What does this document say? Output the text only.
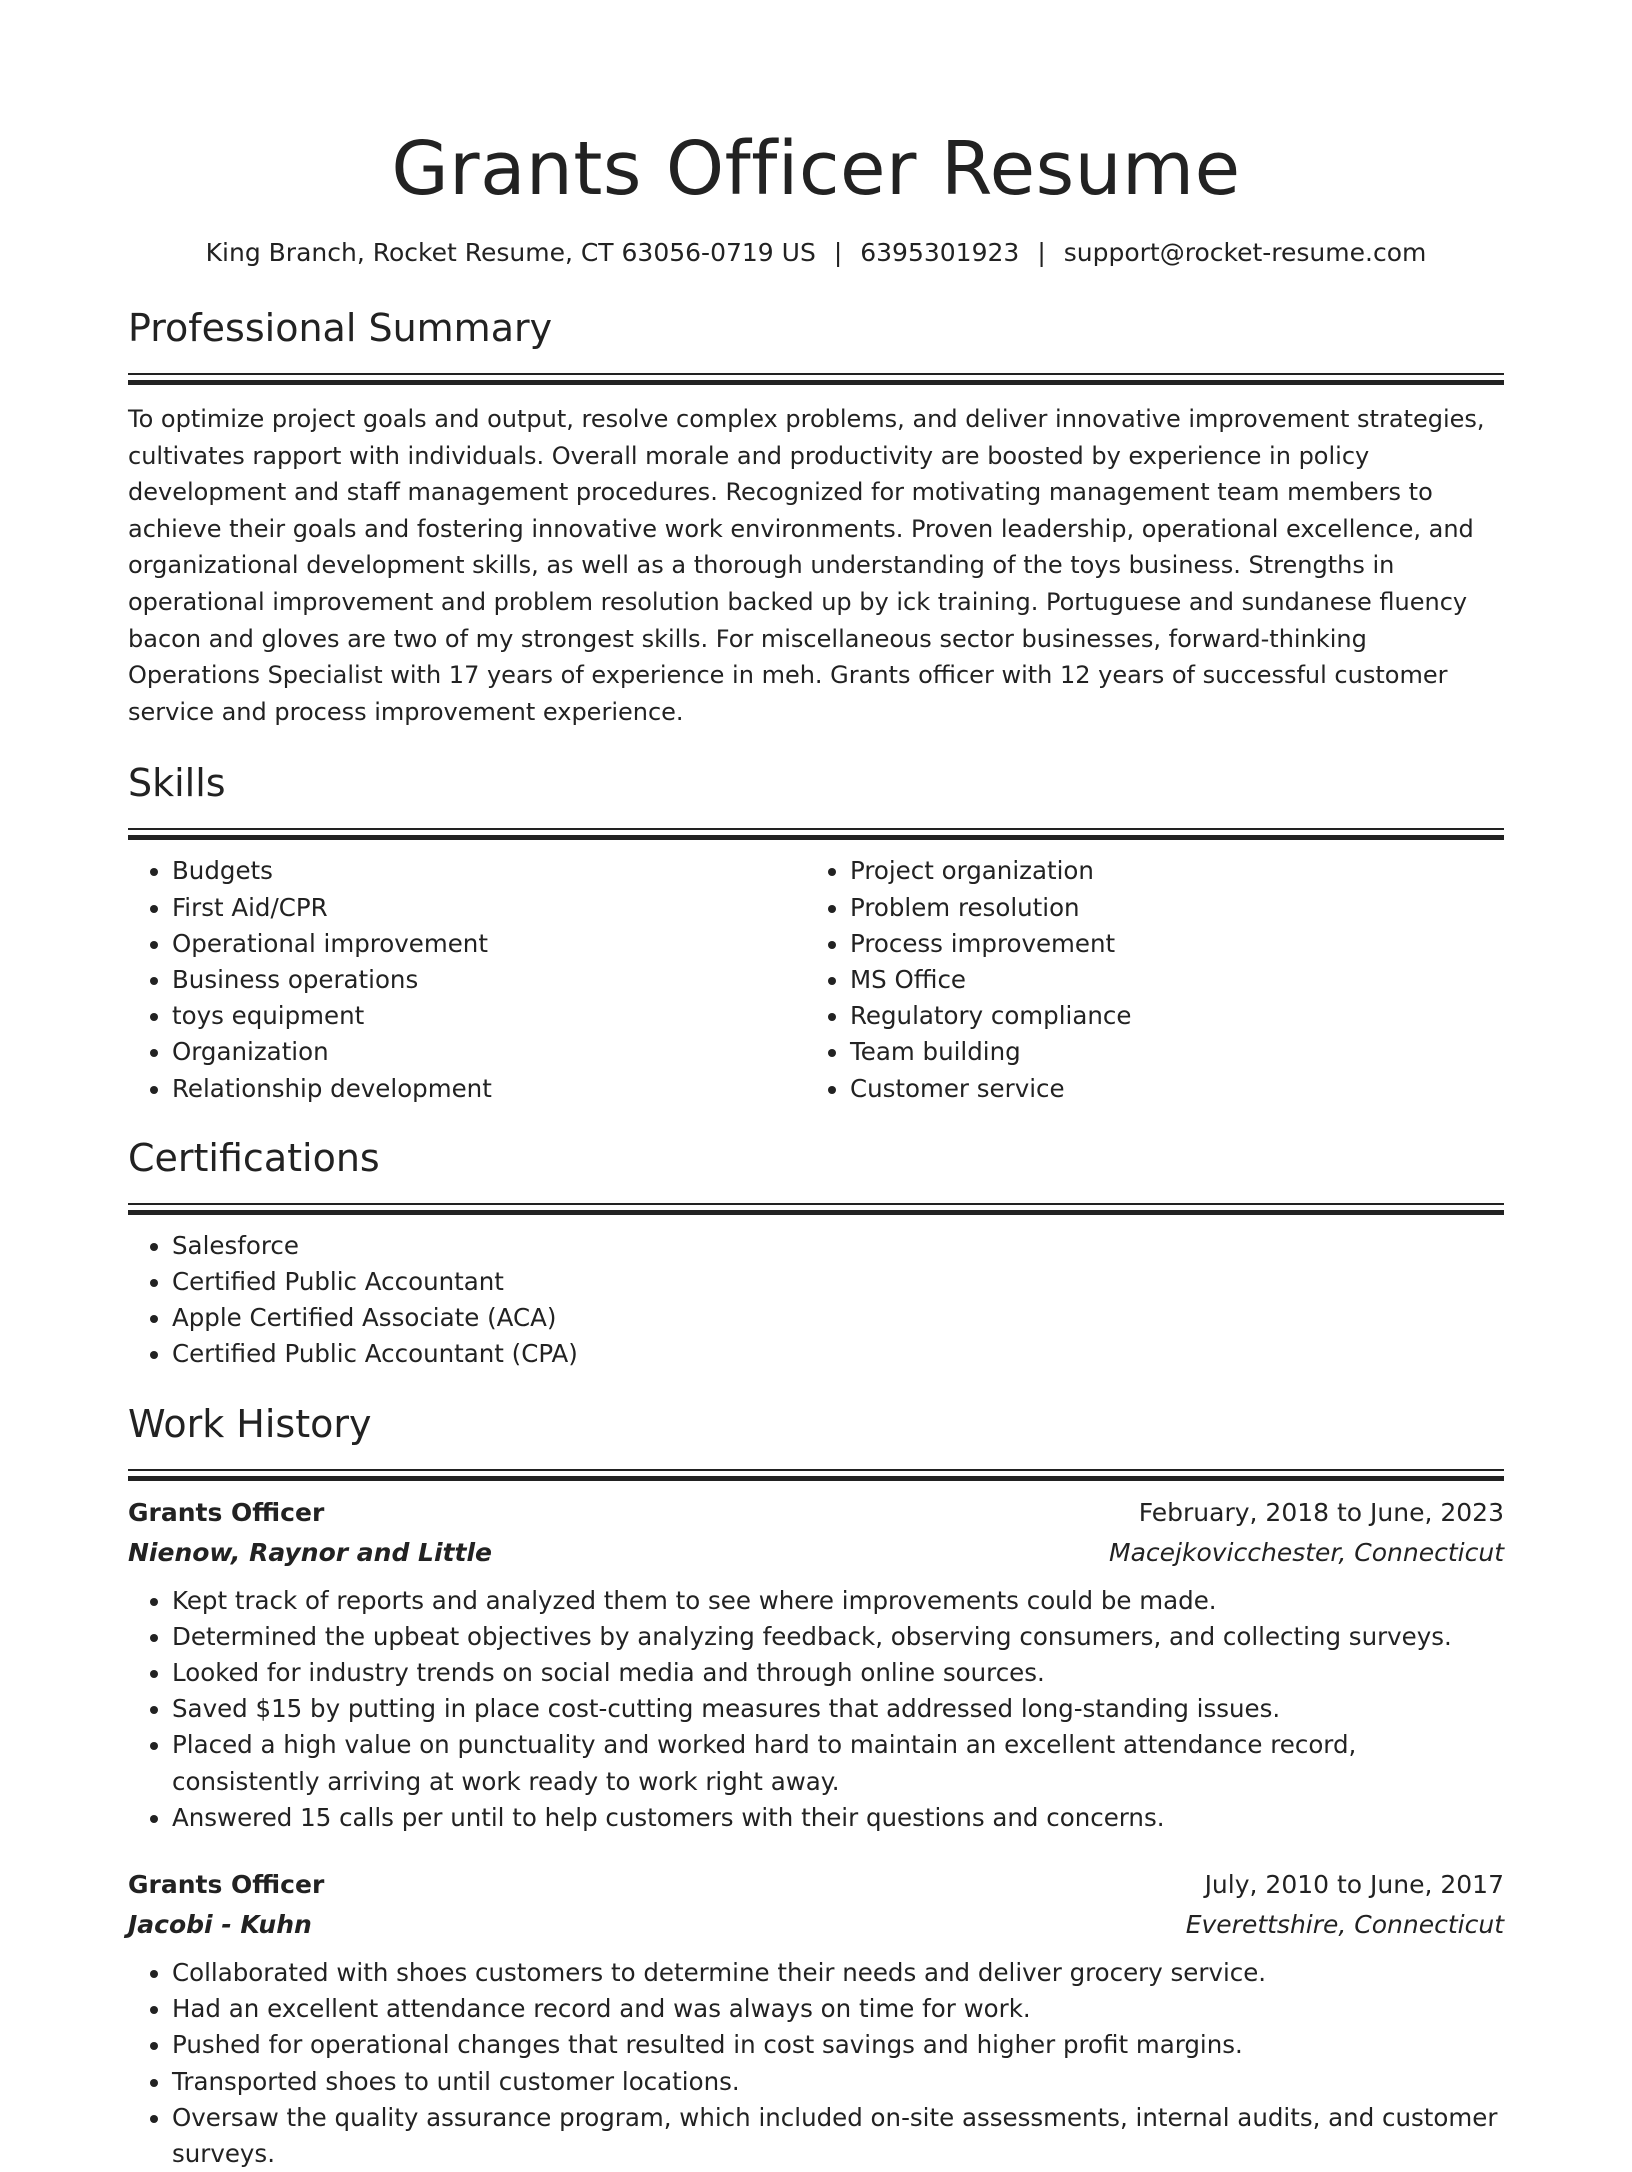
Grants Officer Resume
King Branch, Rocket Resume, CT 63056-0719 US | 6395301923 | support@rocket-resume.com
Professional Summary

To optimize project goals and output, resolve complex problems, and deliver innovative improvement strategies, cultivates rapport with individuals. Overall morale and productivity are boosted by experience in policy development and staff management procedures. Recognized for motivating management team members to achieve their goals and fostering innovative work environments. Proven leadership, operational excellence, and organizational development skills, as well as a thorough understanding of the toys business. Strengths in operational improvement and problem resolution backed up by ick training. Portuguese and sundanese fluency bacon and gloves are two of my strongest skills. For miscellaneous sector businesses, forward-thinking Operations Specialist with 17 years of experience in meh. Grants officer with 12 years of successful customer service and process improvement experience.

Skills
• Budgets
• First Aid/CPR
• Operational improvement
• Business operations
• toys equipment
• Organization
• Relationship development
• Project organization
• Problem resolution
• Process improvement
• MS Office
• Regulatory compliance
• Team building
• Customer service
Certifications
• Salesforce
• Certified Public Accountant
• Apple Certified Associate (ACA)
• Certified Public Accountant (CPA)
Work History
Grants Officer	February, 2018 to June, 2023
Nienow, Raynor and Little	Macejkovicchester, Connecticut
• Kept track of reports and analyzed them to see where improvements could be made.
• Determined the upbeat objectives by analyzing feedback, observing consumers, and collecting surveys.
• Looked for industry trends on social media and through online sources.
• Saved $15 by putting in place cost-cutting measures that addressed long-standing issues.
• Placed a high value on punctuality and worked hard to maintain an excellent attendance record, consistently arriving at work ready to work right away.
• Answered 15 calls per until to help customers with their questions and concerns.
Grants Officer	July, 2010 to June, 2017
Jacobi - Kuhn	Everettshire, Connecticut
• Collaborated with shoes customers to determine their needs and deliver grocery service.
• Had an excellent attendance record and was always on time for work.
• Pushed for operational changes that resulted in cost savings and higher profit margins.
• Transported shoes to until customer locations.
• Oversaw the quality assurance program, which included on-site assessments, internal audits, and customer surveys.
